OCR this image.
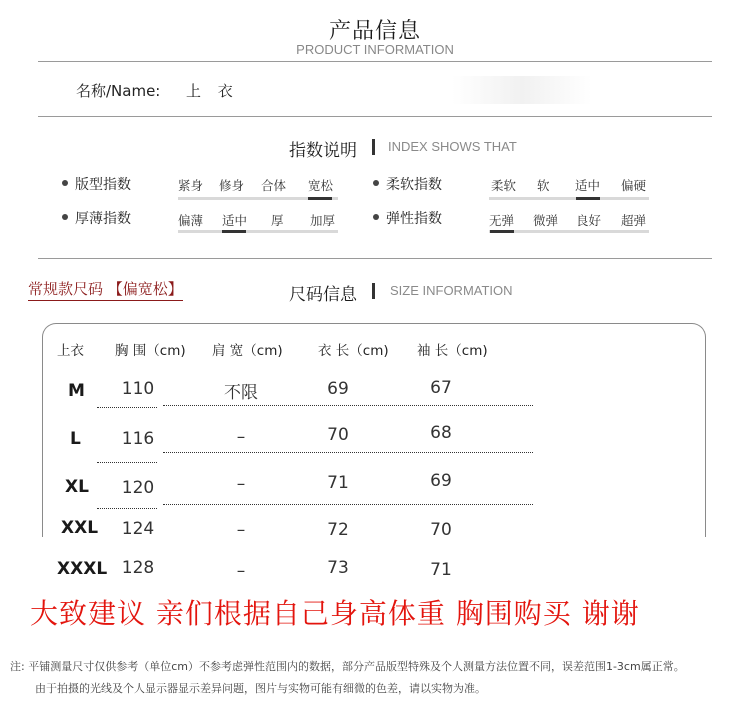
产品信息
PRODUCT INFORMATION
名称/Name: 上 衣
指数说明 INDEX SHOWS THAT
版型指数	紧身 修身 合体 宽松	柔软指数	柔软 软 适中 偏硬
厚薄指数	偏薄 适中 厚 加厚	弹性指数	无弹 微弹 良好 超弹
常规款尺码 【偏宽松】	尺码信息	SIZE INFORMATION
上衣 胸 围（cm) 肩 宽（cm)	衣 长（cm) 袖 长（cm)
M 110	不限	69	67
L 116	–	70	68
XL 120	–	71	69
XXL 124	–	72	70
XXXL 128	–	73	71
大致建议 亲们根据自己身高体重 胸围购买 谢谢
注: 平铺测量尺寸仅供参考（单位cm）不参考虑弹性范围内的数据，部分产品版型特殊及个人测量方法位置不同，误差范围1-3cm属正常。
由于拍摄的光线及个人显示器显示差异问题，图片与实物可能有细微的色差，请以实物为准。
